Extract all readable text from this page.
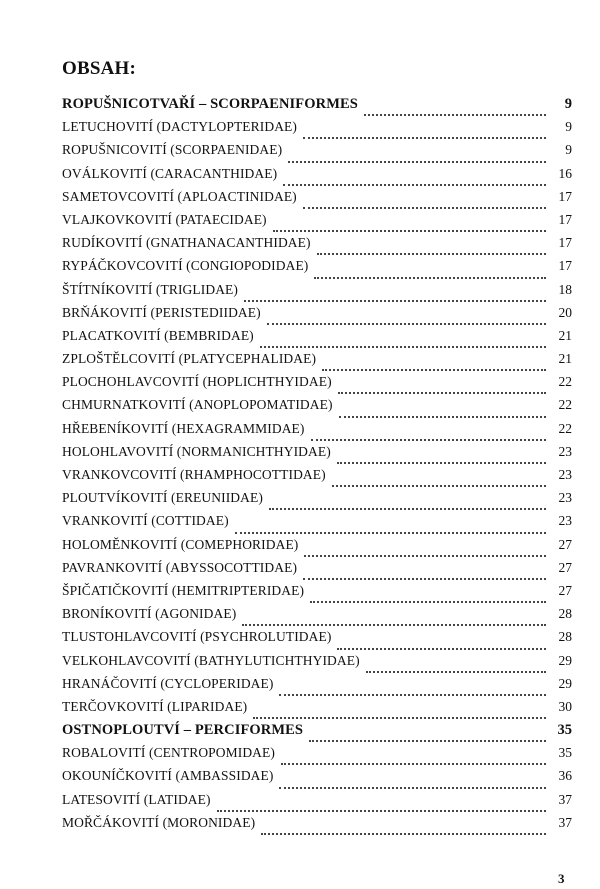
OBSAH:
ROPUŠNICOTVAŘÍ – SCORPAENIFORMES	9
LETUCHOVITÍ (DACTYLOPTERIDAE)	9
ROPUŠNICOVITÍ (SCORPAENIDAE)	9
OVÁLKOVITÍ (CARACANTHIDAE)	16
SAMETOVCOVITÍ (APLOACTINIDAE)	17
VLAJKOVKOVITÍ (PATAECIDAE)	17
RUDÍKOVITÍ (GNATHANACANTHIDAE)	17
RYPÁČKOVCOVITÍ (CONGIOPODIDAE)	17
ŠTÍTNÍKOVITÍ (TRIGLIDAE)	18
BRŇÁKOVITÍ (PERISTEDIIDAE)	20
PLACATKOVITÍ (BEMBRIDAE)	21
ZPLOŠTĚLCOVITÍ (PLATYCEPHALIDAE)	21
PLOCHOHLAVCOVITÍ (HOPLICHTHYIDAE)	22
CHMURNATKOVITÍ (ANOPLOPOMATIDAE)	22
HŘEBENÍKOVITÍ (HEXAGRAMMIDAE)	22
HOLOHLAVOVITÍ (NORMANICHTHYIDAE)	23
VRANKOVCOVITÍ (RHAMPHOCOTTIDAE)	23
PLOUTVÍKOVITÍ (EREUNIIDAE)	23
VRANKOVITÍ (COTTIDAE)	23
HOLOMĚNKOVITÍ (COMEPHORIDAE)	27
PAVRANKOVITÍ (ABYSSOCOTTIDAE)	27
ŠPIČATIČKOVITÍ (HEMITRIPTERIDAE)	27
BRONÍKOVITÍ (AGONIDAE)	28
TLUSTOHLAVCOVITÍ (PSYCHROLUTIDAE)	28
VELKOHLAVCOVITÍ (BATHYLUTICHTHYIDAE)	29
HRANÁČOVITÍ (CYCLOPERIDAE)	29
TERČOVKOVITÍ (LIPARIDAE)	30
OSTNOPLOUTVÍ – PERCIFORMES	35
ROBALOVITÍ (CENTROPOMIDAE)	35
OKOUNÍČKOVITÍ (AMBASSIDAE)	36
LATESOVITÍ (LATIDAE)	37
MOŘČÁKOVITÍ (MORONIDAE)	37
3
